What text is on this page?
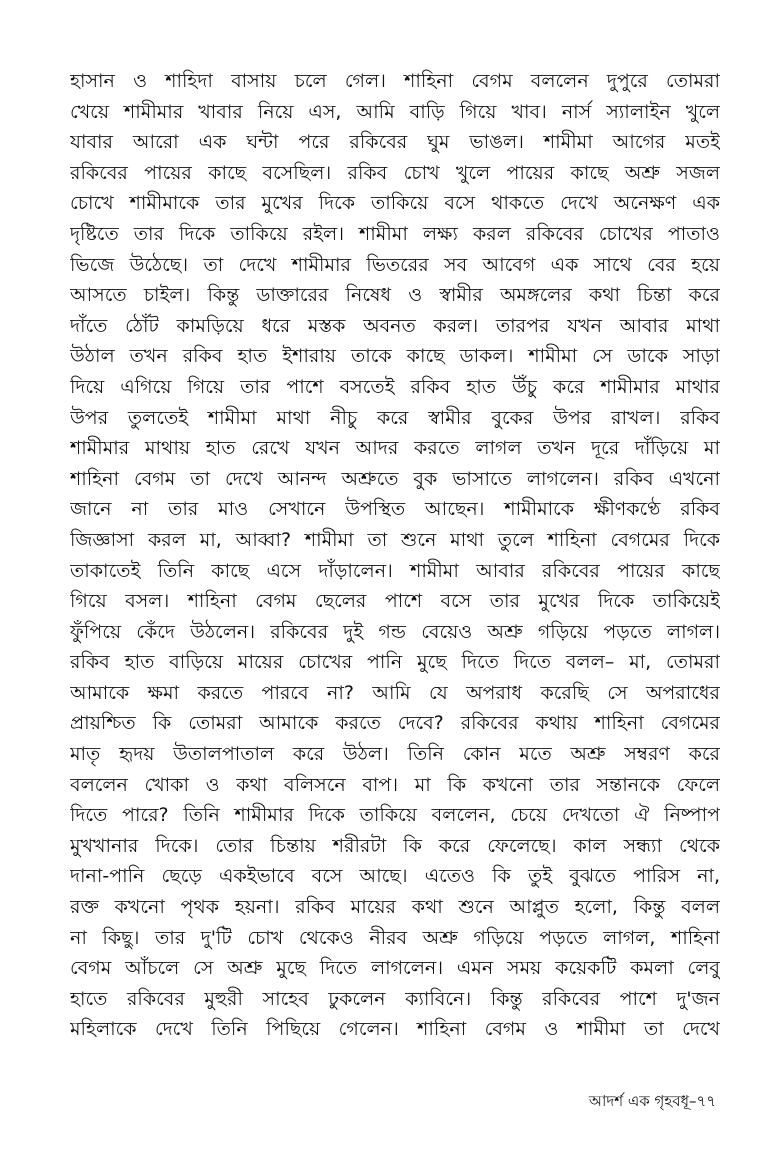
হাসান ও শাহিদা বাসায় চলে গেল। শাহিনা বেগম বললেন দুপুরে তোমরা
খেয়ে শামীমার খাবার নিয়ে এস, আমি বাড়ি গিয়ে খাব। নার্স স্যালাইন খুলে
যাবার আরো এক ঘন্টা পরে রকিবের ঘুম ভাঙল। শামীমা আগের মতই
রকিবের পায়ের কাছে বসেছিল। রকিব চোখ খুলে পায়ের কাছে অশ্রু সজল
চোখে শামীমাকে তার মুখের দিকে তাকিয়ে বসে থাকতে দেখে অনেক্ষণ এক
দৃষ্টিতে তার দিকে তাকিয়ে রইল। শামীমা লক্ষ্য করল রকিবের চোখের পাতাও
ভিজে উঠেছে। তা দেখে শামীমার ভিতরের সব আবেগ এক সাথে বের হয়ে
আসতে চাইল। কিন্তু ডাক্তারের নিষেধ ও স্বামীর অমঙ্গলের কথা চিন্তা করে
দাঁতে ঠোঁট কামড়িয়ে ধরে মস্তক অবনত করল। তারপর যখন আবার মাথা
উঠাল তখন রকিব হাত ইশারায় তাকে কাছে ডাকল। শামীমা সে ডাকে সাড়া
দিয়ে এগিয়ে গিয়ে তার পাশে বসতেই রকিব হাত উঁচু করে শামীমার মাথার
উপর তুলতেই শামীমা মাথা নীচু করে স্বামীর বুকের উপর রাখল। রকিব
শামীমার মাথায় হাত রেখে যখন আদর করতে লাগল তখন দূরে দাঁড়িয়ে মা
শাহিনা বেগম তা দেখে আনন্দ অশ্রুতে বুক ভাসাতে লাগলেন। রকিব এখনো
জানে না তার মাও সেখানে উপস্থিত আছেন। শামীমাকে ক্ষীণকণ্ঠে রকিব
জিজ্ঞাসা করল মা, আব্বা? শামীমা তা শুনে মাথা তুলে শাহিনা বেগমের দিকে
তাকাতেই তিনি কাছে এসে দাঁড়ালেন। শামীমা আবার রকিবের পায়ের কাছে
গিয়ে বসল। শাহিনা বেগম ছেলের পাশে বসে তার মুখের দিকে তাকিয়েই
ফুঁপিয়ে কেঁদে উঠলেন। রকিবের দুই গন্ড বেয়েও অশ্রু গড়িয়ে পড়তে লাগল।
রকিব হাত বাড়িয়ে মায়ের চোখের পানি মুছে দিতে দিতে বলল– মা, তোমরা
আমাকে ক্ষমা করতে পারবে না? আমি যে অপরাধ করেছি সে অপরাধের
প্রায়শ্চিত কি তোমরা আমাকে করতে দেবে? রকিবের কথায় শাহিনা বেগমের
মাতৃ হৃদয় উতালপাতাল করে উঠল। তিনি কোন মতে অশ্রু সম্বরণ করে
বললেন খোকা ও কথা বলিসনে বাপ। মা কি কখনো তার সন্তানকে ফেলে
দিতে পারে? তিনি শামীমার দিকে তাকিয়ে বললেন, চেয়ে দেখতো ঐ নিষ্পাপ
মুখখানার দিকে। তোর চিন্তায় শরীরটা কি করে ফেলেছে। কাল সন্ধ্যা থেকে
দানা-পানি ছেড়ে একইভাবে বসে আছে। এতেও কি তুই বুঝতে পারিস না,
রক্ত কখনো পৃথক হয়না। রকিব মায়ের কথা শুনে আপ্লুত হলো, কিন্তু বলল
না কিছু। তার দু'টি চোখ থেকেও নীরব অশ্রু গড়িয়ে পড়তে লাগল, শাহিনা
বেগম আঁচলে সে অশ্রু মুছে দিতে লাগলেন। এমন সময় কয়েকটি কমলা লেবু
হাতে রকিবের মুহুরী সাহেব ঢুকলেন ক্যাবিনে। কিন্তু রকিবের পাশে দু'জন
মহিলাকে দেখে তিনি পিছিয়ে গেলেন। শাহিনা বেগম ও শামীমা তা দেখে
আদর্শ এক গৃহবধূ–৭৭
